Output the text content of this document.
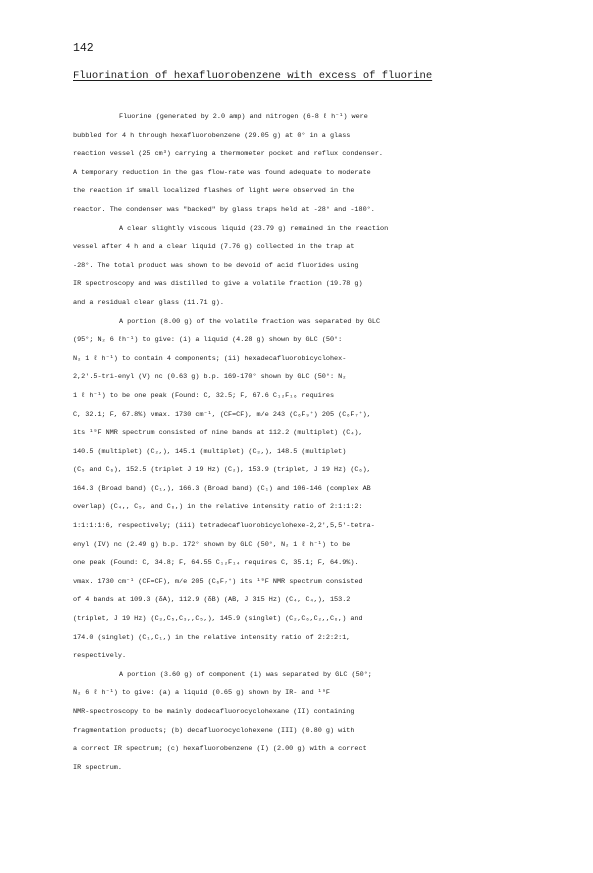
142
Fluorination of hexafluorobenzene with excess of fluorine
Fluorine (generated by 2.0 amp) and nitrogen (6-8 ℓ h⁻¹) were
bubbled for 4 h through hexafluorobenzene (29.05 g) at 0° in a glass
reaction vessel (25 cm³) carrying a thermometer pocket and reflux condenser.
A temporary reduction in the gas flow-rate was found adequate to moderate
the reaction if small localized flashes of light were observed in the
reactor. The condenser was "backed" by glass traps held at -28° and -180°.
A clear slightly viscous liquid (23.79 g) remained in the reaction
vessel after 4 h and a clear liquid (7.76 g) collected in the trap at
-28°. The total product was shown to be devoid of acid fluorides using
IR spectroscopy and was distilled to give a volatile fraction (19.78 g)
and a residual clear glass (11.71 g).
A portion (8.00 g) of the volatile fraction was separated by GLC
(95°; N₂ 6 ℓh⁻¹) to give: (i) a liquid (4.28 g) shown by GLC (50°:
N₂ 1 ℓ h⁻¹) to contain 4 components; (ii) hexadecafluorobicyclohex-
2,2'.5-tri-enyl (V) nc (0.63 g) b.p. 169-170° shown by GLC (50°: N₂
1 ℓ h⁻¹) to be one peak (Found: C, 32.5; F, 67.6 C₁₂F₁₆ requires
C, 32.1; F, 67.8%) νmax. 1730 cm⁻¹, (CF=CF), m/e 243 (C₆F₉⁺) 205 (C₆F₇⁺),
its ¹⁹F NMR spectrum consisted of nine bands at 112.2 (multiplet) (C₄),
140.5 (multiplet) (C₂,), 145.1 (multiplet) (C₃,), 148.5 (multiplet)
(C₅ and C₆), 152.5 (triplet J 19 Hz) (C₂), 153.9 (triplet, J 19 Hz) (C₆),
164.3 (Broad band) (C₁,), 166.3 (Broad band) (C₁) and 106-146 (complex AB
overlap) (C₄,, C₅, and C₆,) in the relative intensity ratio of 2:1:1:2:
1:1:1:1:6, respectively; (iii) tetradecafluorobicyclohexe-2,2',5,5'-tetra-
enyl (IV) nc (2.49 g) b.p. 172° shown by GLC (50°, N₂ 1 ℓ h⁻¹) to be
one peak (Found: C, 34.8; F, 64.55 C₁₂F₁₄ requires C, 35.1; F, 64.9%).
νmax. 1730 cm⁻¹ (CF=CF), m/e 205 (C₆F₇⁺) its ¹⁹F NMR spectrum consisted
of 4 bands at 109.3 (δA), 112.9 (δB) (AB, J 315 Hz) (C₄, C₄,), 153.2
(triplet, J 19 Hz) (C₃,C₅,C₃,,C₅,), 145.9 (singlet) (C₂,C₆,C₂,,C₆,) and
174.0 (singlet) (C₁,C₁,) in the relative intensity ratio of 2:2:2:1,
respectively.
A portion (3.60 g) of component (i) was separated by GLC (50°;
N₂ 6 ℓ h⁻¹) to give: (a) a liquid (0.65 g) shown by IR- and ¹⁹F
NMR-spectroscopy to be mainly dodecafluorocyclohexane (II) containing
fragmentation products; (b) decafluorocyclohexene (III) (0.80 g) with
a correct IR spectrum; (c) hexafluorobenzene (I) (2.00 g) with a correct
IR spectrum.
